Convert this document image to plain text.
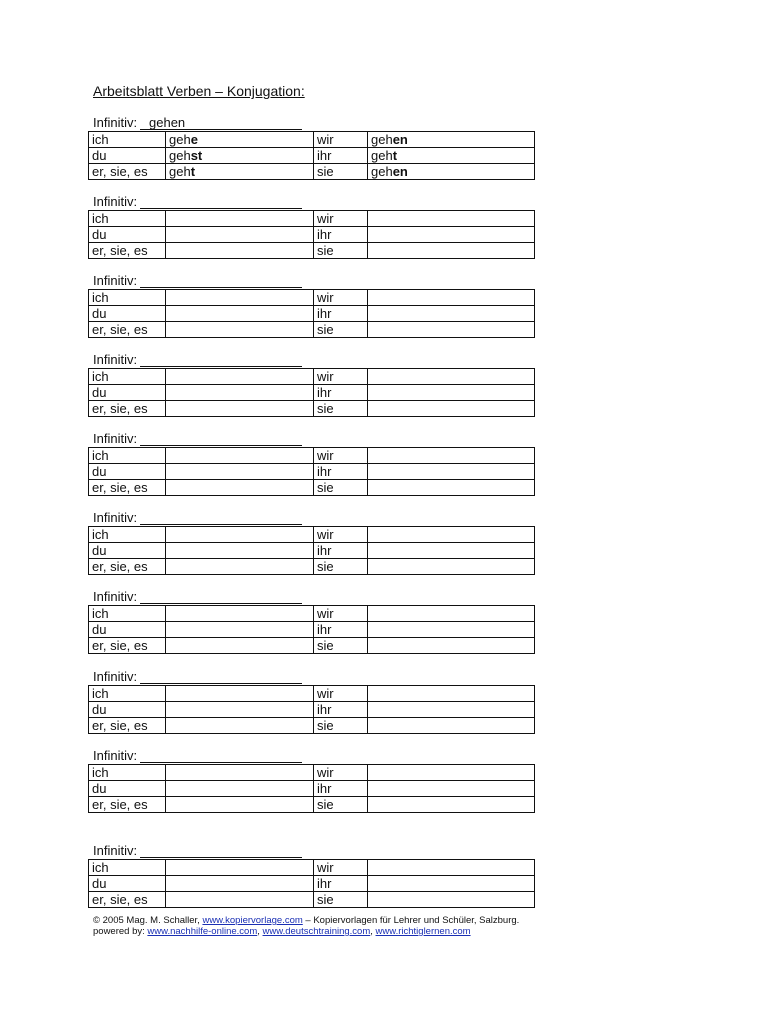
Arbeitsblatt Verben – Konjugation:
Infinitiv: gehen
ich	gehe	wir	gehen
du	gehst	ihr	geht
er, sie, es	geht	sie	gehen
Infinitiv:
ich		wir	
du		ihr	
er, sie, es		sie	
Infinitiv:
ich		wir	
du		ihr	
er, sie, es		sie	
Infinitiv:
ich		wir	
du		ihr	
er, sie, es		sie	
Infinitiv:
ich		wir	
du		ihr	
er, sie, es		sie	
Infinitiv:
ich		wir	
du		ihr	
er, sie, es		sie	
Infinitiv:
ich		wir	
du		ihr	
er, sie, es		sie	
Infinitiv:
ich		wir	
du		ihr	
er, sie, es		sie	
Infinitiv:
ich		wir	
du		ihr	
er, sie, es		sie	
Infinitiv:
ich		wir	
du		ihr	
er, sie, es		sie	
© 2005 Mag. M. Schaller, www.kopiervorlage.com – Kopiervorlagen für Lehrer und Schüler, Salzburg.
powered by: www.nachhilfe-online.com, www.deutschtraining.com, www.richtiglernen.com
